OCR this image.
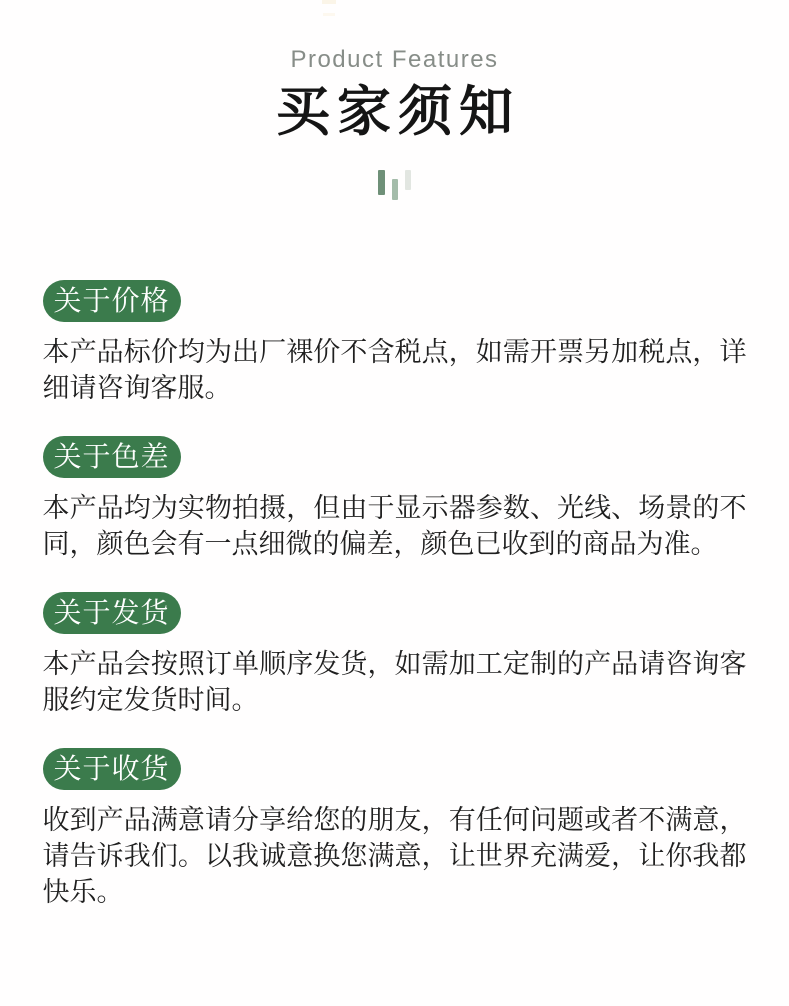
Product Features
买家须知
关于价格

本产品标价均为出厂裸价不含税点，如需开票另加税点，详细请咨询客服。

关于色差

本产品均为实物拍摄，但由于显示器参数、光线、场景的不同，颜色会有一点细微的偏差，颜色已收到的商品为准。

关于发货

本产品会按照订单顺序发货，如需加工定制的产品请咨询客服约定发货时间。

关于收货

收到产品满意请分享给您的朋友，有任何问题或者不满意，请告诉我们。以我诚意换您满意，让世界充满爱，让你我都快乐。
